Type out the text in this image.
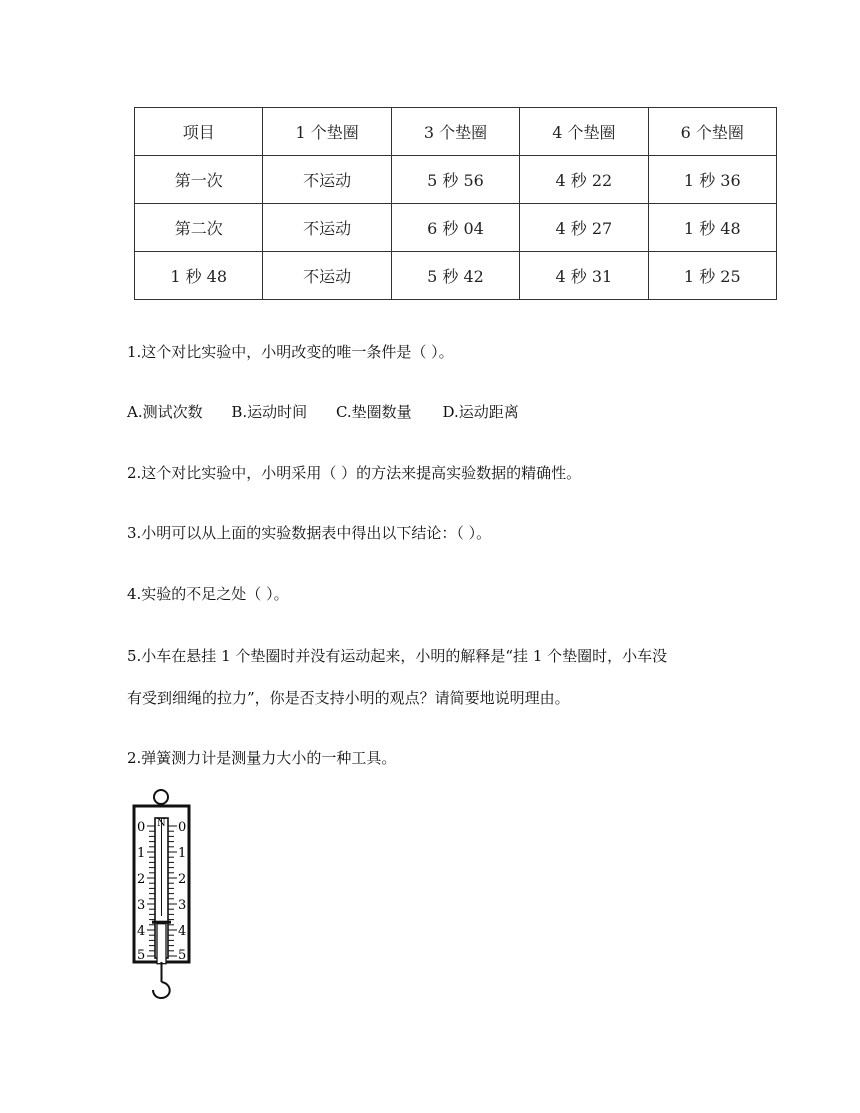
项目	1 个垫圈	3 个垫圈	4 个垫圈	6 个垫圈
第一次	不运动	5 秒 56	4 秒 22	1 秒 36
第二次	不运动	6 秒 04	4 秒 27	1 秒 48
1 秒 48	不运动	5 秒 42	4 秒 31	1 秒 25
1.这个对比实验中，小明改变的唯一条件是（ ）。
A.测试次数 B.运动时间 C.垫圈数量 D.运动距离
2.这个对比实验中，小明采用（ ）的方法来提高实验数据的精确性。
3.小明可以从上面的实验数据表中得出以下结论：（ ）。
4.实验的不足之处（ ）。
5.小车在悬挂 1 个垫圈时并没有运动起来，小明的解释是“挂 1 个垫圈时，小车没
有受到细绳的拉力”，你是否支持小明的观点？请简要地说明理由。
2.弹簧测力计是测量力大小的一种工具。
N
0
1
2
3
4
5
0
1
2
3
4
5
